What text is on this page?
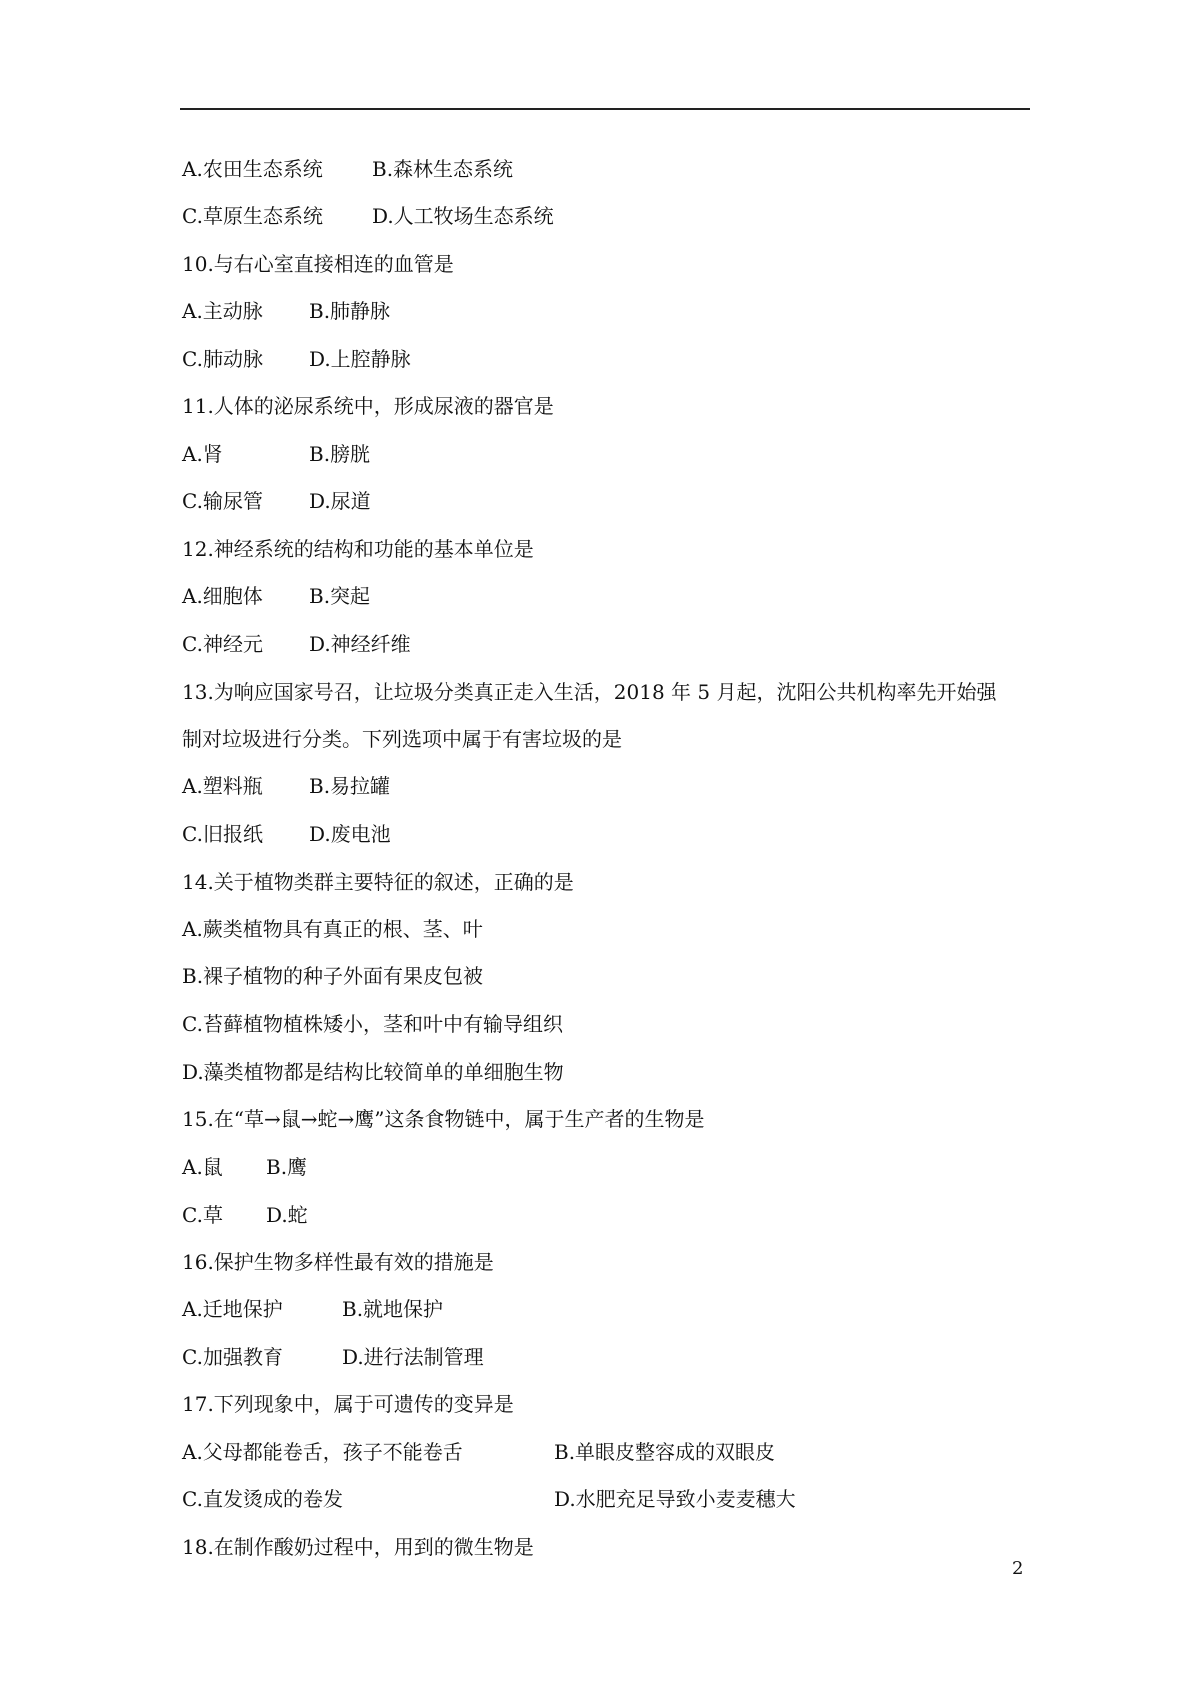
A.农田生态系统 B.森林生态系统
C.草原生态系统 D.人工牧场生态系统
10.与右心室直接相连的血管是
A.主动脉 B.肺静脉
C.肺动脉 D.上腔静脉
11.人体的泌尿系统中，形成尿液的器官是
A.肾	B.膀胱
C.输尿管 D.尿道
12.神经系统的结构和功能的基本单位是
A.细胞体 B.突起
C.神经元 D.神经纤维
13.为响应国家号召，让垃圾分类真正走入生活，2018 年 5 月起，沈阳公共机构率先开始强
制对垃圾进行分类。下列选项中属于有害垃圾的是
A.塑料瓶 B.易拉罐
C.旧报纸 D.废电池
14.关于植物类群主要特征的叙述，正确的是
A.蕨类植物具有真正的根、茎、叶
B.裸子植物的种子外面有果皮包被
C.苔藓植物植株矮小，茎和叶中有输导组织
D.藻类植物都是结构比较简单的单细胞生物
15.在“草→鼠→蛇→鹰”这条食物链中，属于生产者的生物是
A.鼠 B.鹰
C.草 D.蛇
16.保护生物多样性最有效的措施是
A.迁地保护	B.就地保护
C.加强教育	D.进行法制管理
17.下列现象中，属于可遗传的变异是
A.父母都能卷舌，孩子不能卷舌	B.单眼皮整容成的双眼皮
C.直发烫成的卷发	D.水肥充足导致小麦麦穗大
18.在制作酸奶过程中，用到的微生物是
2
